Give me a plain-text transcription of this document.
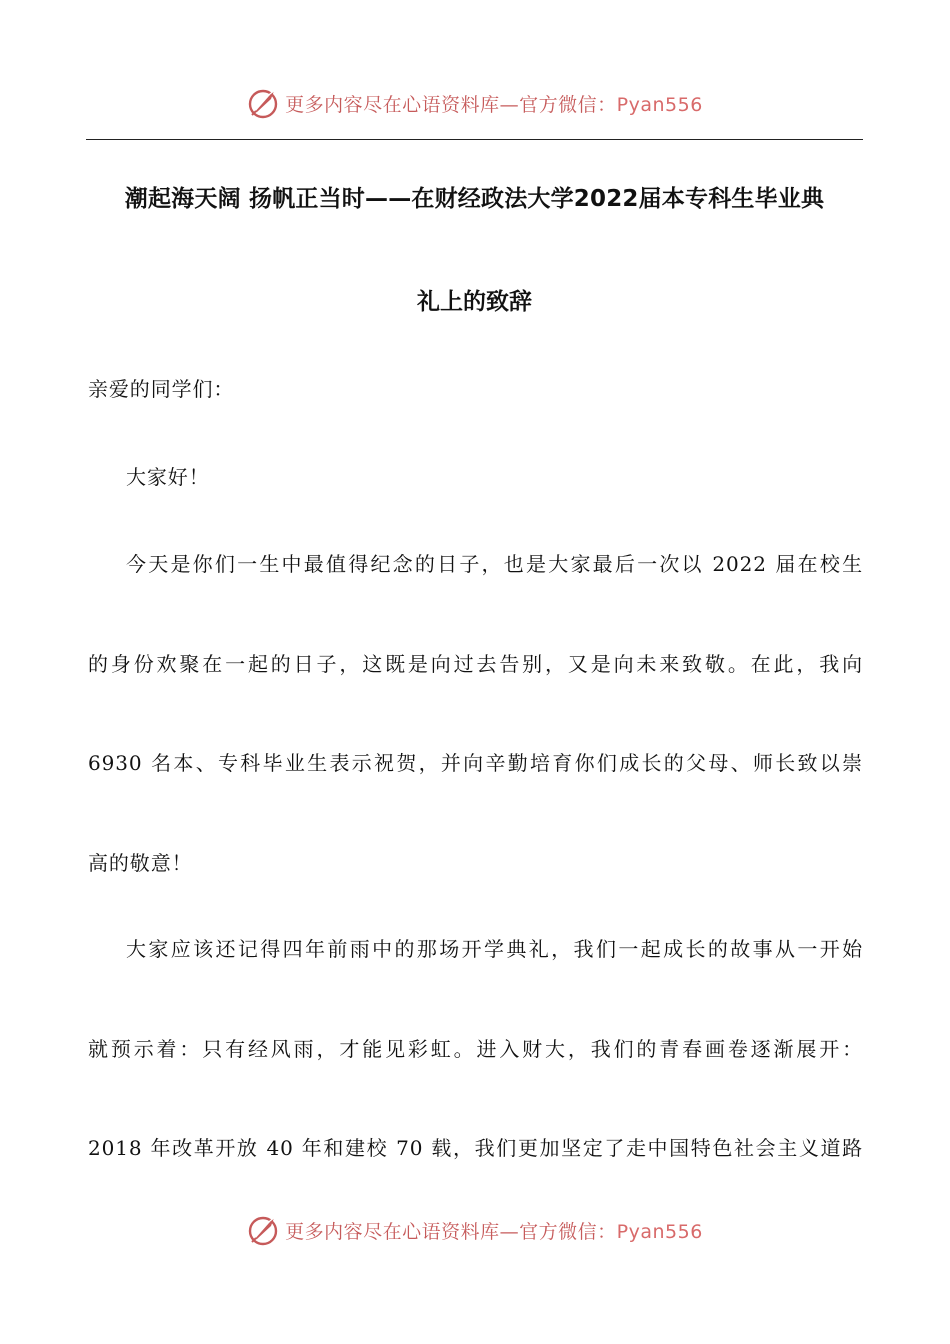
更多内容尽在心语资料库—官方微信：Pyan556
潮起海天阔 扬帆正当时——在财经政法大学2022届本专科生毕业典
礼上的致辞
亲爱的同学们：
大家好！
今天是你们一生中最值得纪念的日子，也是大家最后一次以 2022 届在校生
的身份欢聚在一起的日子，这既是向过去告别，又是向未来致敬。在此，我向
6930 名本、专科毕业生表示祝贺，并向辛勤培育你们成长的父母、师长致以崇
高的敬意！
大家应该还记得四年前雨中的那场开学典礼，我们一起成长的故事从一开始
就预示着：只有经风雨，才能见彩虹。进入财大，我们的青春画卷逐渐展开：
2018 年改革开放 40 年和建校 70 载，我们更加坚定了走中国特色社会主义道路
更多内容尽在心语资料库—官方微信：Pyan556
